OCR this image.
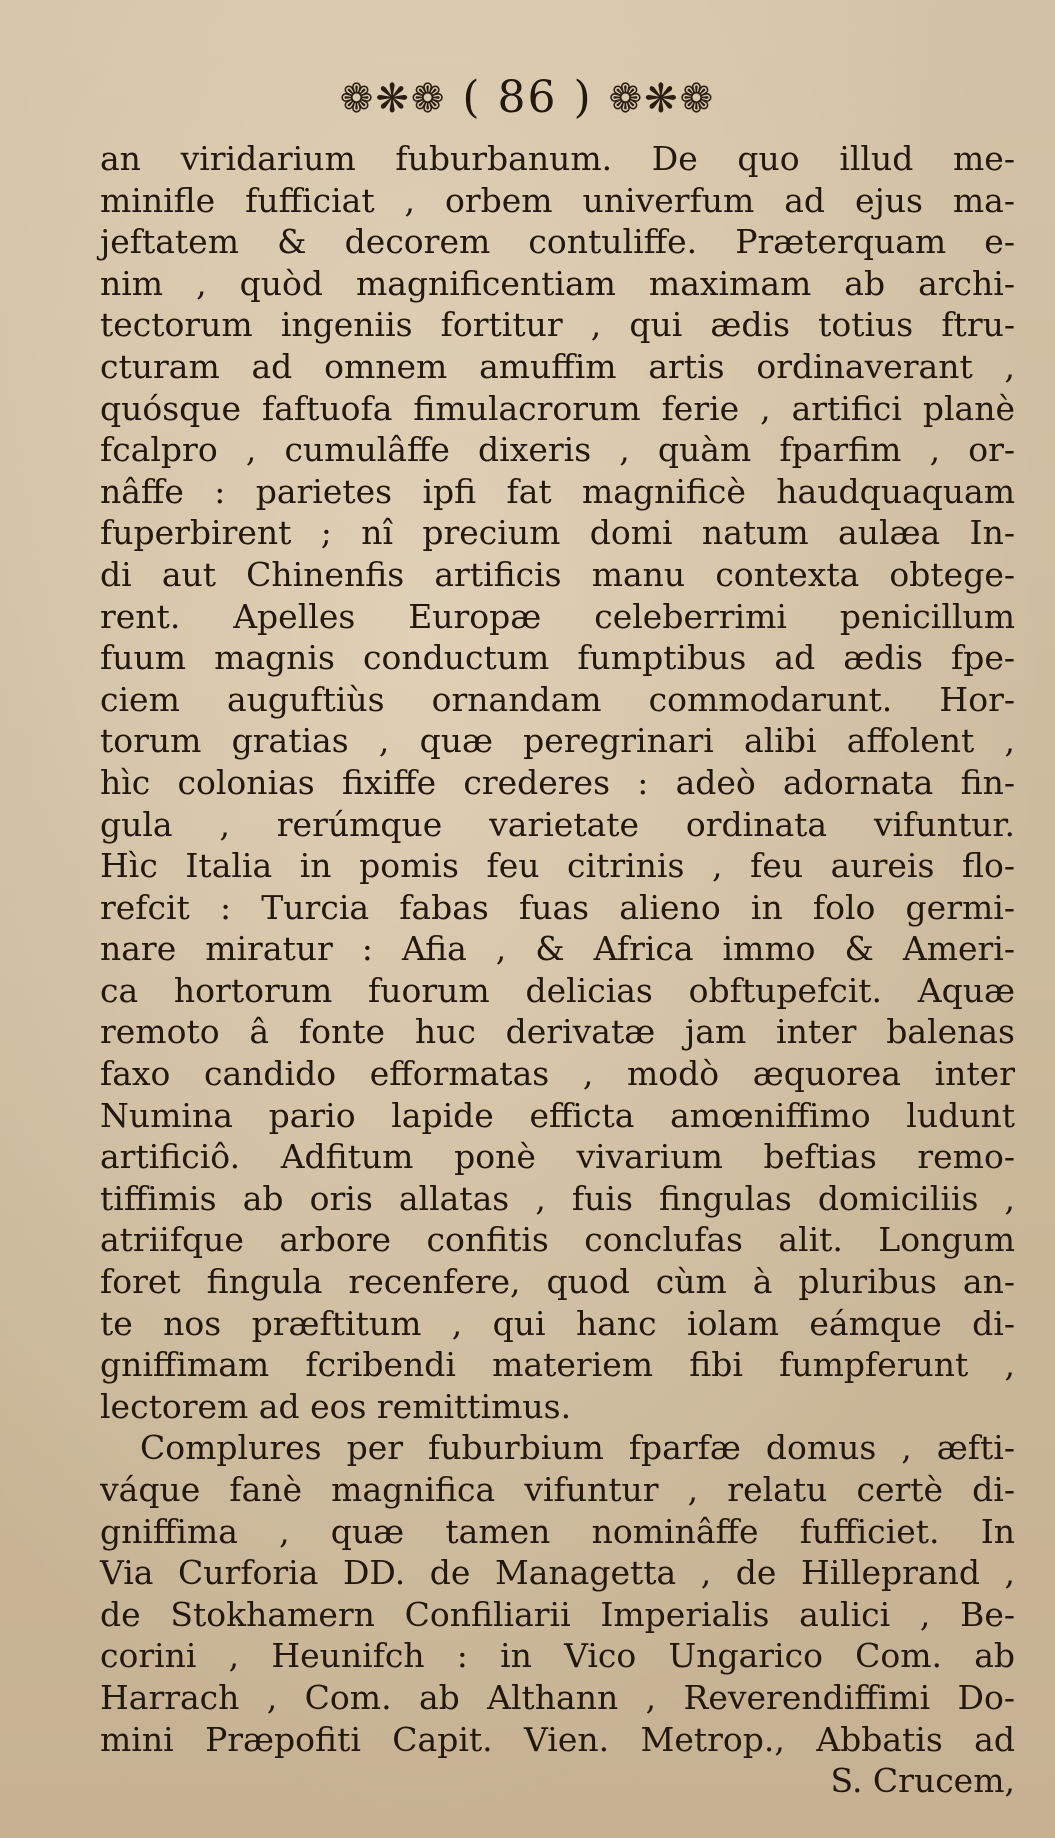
❁❋❁ ( 86 ) ❁❋❁
an viridarium fuburbanum. De quo illud me-
minifle fufficiat , orbem univerfum ad ejus ma-
jeftatem & decorem contuliffe. Præterquam e-
nim , quòd magnificentiam maximam ab archi-
tectorum ingeniis fortitur , qui ædis totius ftru-
cturam ad omnem amuffim artis ordinaverant ,
quósque faftuofa fimulacrorum ferie , artifici planè
fcalpro , cumulâffe dixeris , quàm fparfim , or-
nâffe : parietes ipfi fat magnificè haudquaquam
fuperbirent ; nî precium domi natum aulæa In-
di aut Chinenfis artificis manu contexta obtege-
rent. Apelles Europæ celeberrimi penicillum
fuum magnis conductum fumptibus ad ædis fpe-
ciem auguftiùs ornandam commodarunt. Hor-
torum gratias , quæ peregrinari alibi affolent ,
hìc colonias fixiffe crederes : adeò adornata fin-
gula , rerúmque varietate ordinata vifuntur.
Hìc Italia in pomis feu citrinis , feu aureis flo-
refcit : Turcia fabas fuas alieno in folo germi-
nare miratur : Afia , & Africa immo & Ameri-
ca hortorum fuorum delicias obftupefcit. Aquæ
remoto â fonte huc derivatæ jam inter balenas
faxo candido efformatas , modò æquorea inter
Numina pario lapide efficta amœniffimo ludunt
artificiô. Adfitum ponè vivarium beftias remo-
tiffimis ab oris allatas , fuis fingulas domiciliis ,
atriifque arbore confitis conclufas alit. Longum
foret fingula recenfere, quod cùm à pluribus an-
te nos præftitum , qui hanc iolam eámque di-
gniffimam fcribendi materiem fibi fumpferunt ,
lectorem ad eos remittimus.
Complures per fuburbium fparfæ domus , æfti-
váque fanè magnifica vifuntur , relatu certè di-
gniffima , quæ tamen nominâffe fufficiet. In
Via Curforia DD. de Managetta , de Hilleprand ,
de Stokhamern Confiliarii Imperialis aulici , Be-
corini , Heunifch : in Vico Ungarico Com. ab
Harrach , Com. ab Althann , Reverendiffimi Do-
mini Præpofiti Capit. Vien. Metrop., Abbatis ad
S. Crucem,
